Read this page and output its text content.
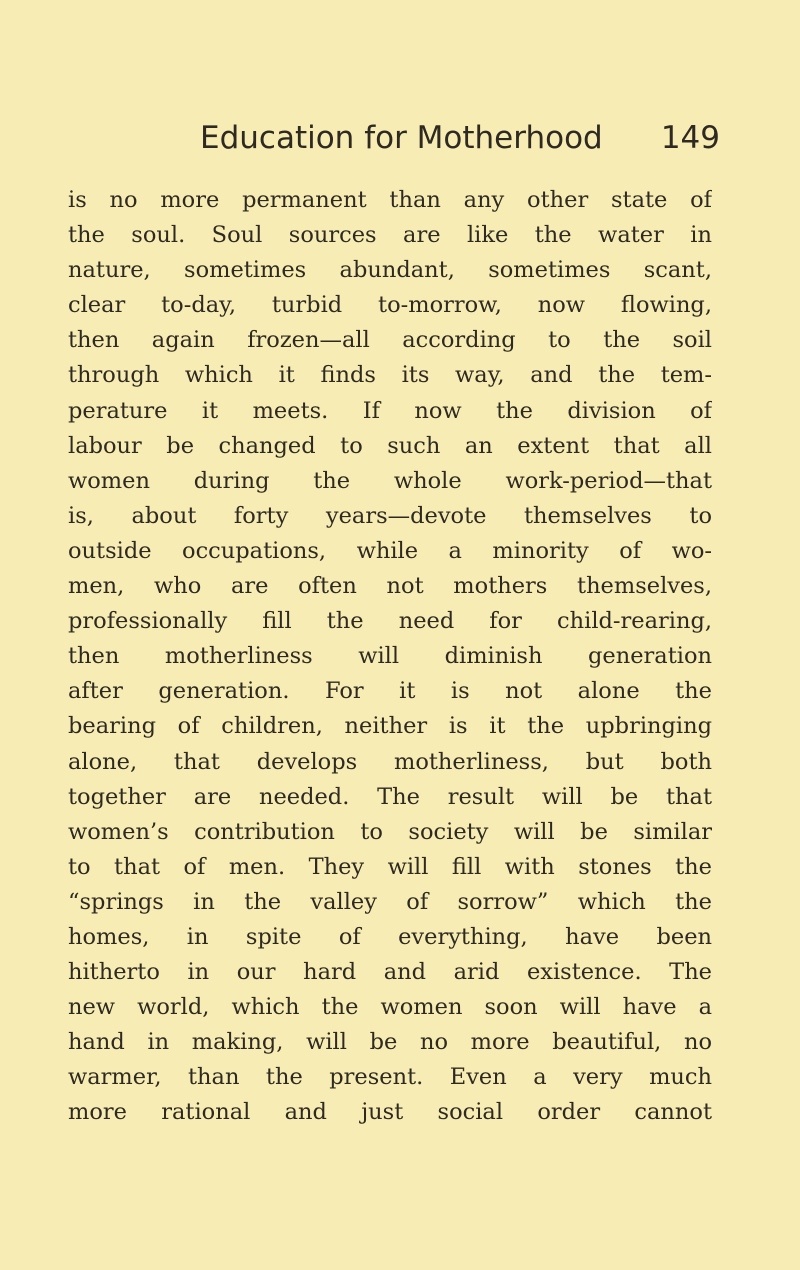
Education for Motherhood 149
is no more permanent than any other state of
the soul. Soul sources are like the water in
nature, sometimes abundant, sometimes scant,
clear to-day, turbid to-morrow, now flowing,
then again frozen—all according to the soil
through which it finds its way, and the tem-
perature it meets. If now the division of
labour be changed to such an extent that all
women during the whole work-period—that
is, about forty years—devote themselves to
outside occupations, while a minority of wo-
men, who are often not mothers themselves,
professionally fill the need for child-rearing,
then motherliness will diminish generation
after generation. For it is not alone the
bearing of children, neither is it the upbringing
alone, that develops motherliness, but both
together are needed. The result will be that
women’s contribution to society will be similar
to that of men. They will fill with stones the
“springs in the valley of sorrow” which the
homes, in spite of everything, have been
hitherto in our hard and arid existence. The
new world, which the women soon will have a
hand in making, will be no more beautiful, no
warmer, than the present. Even a very much
more rational and just social order cannot
